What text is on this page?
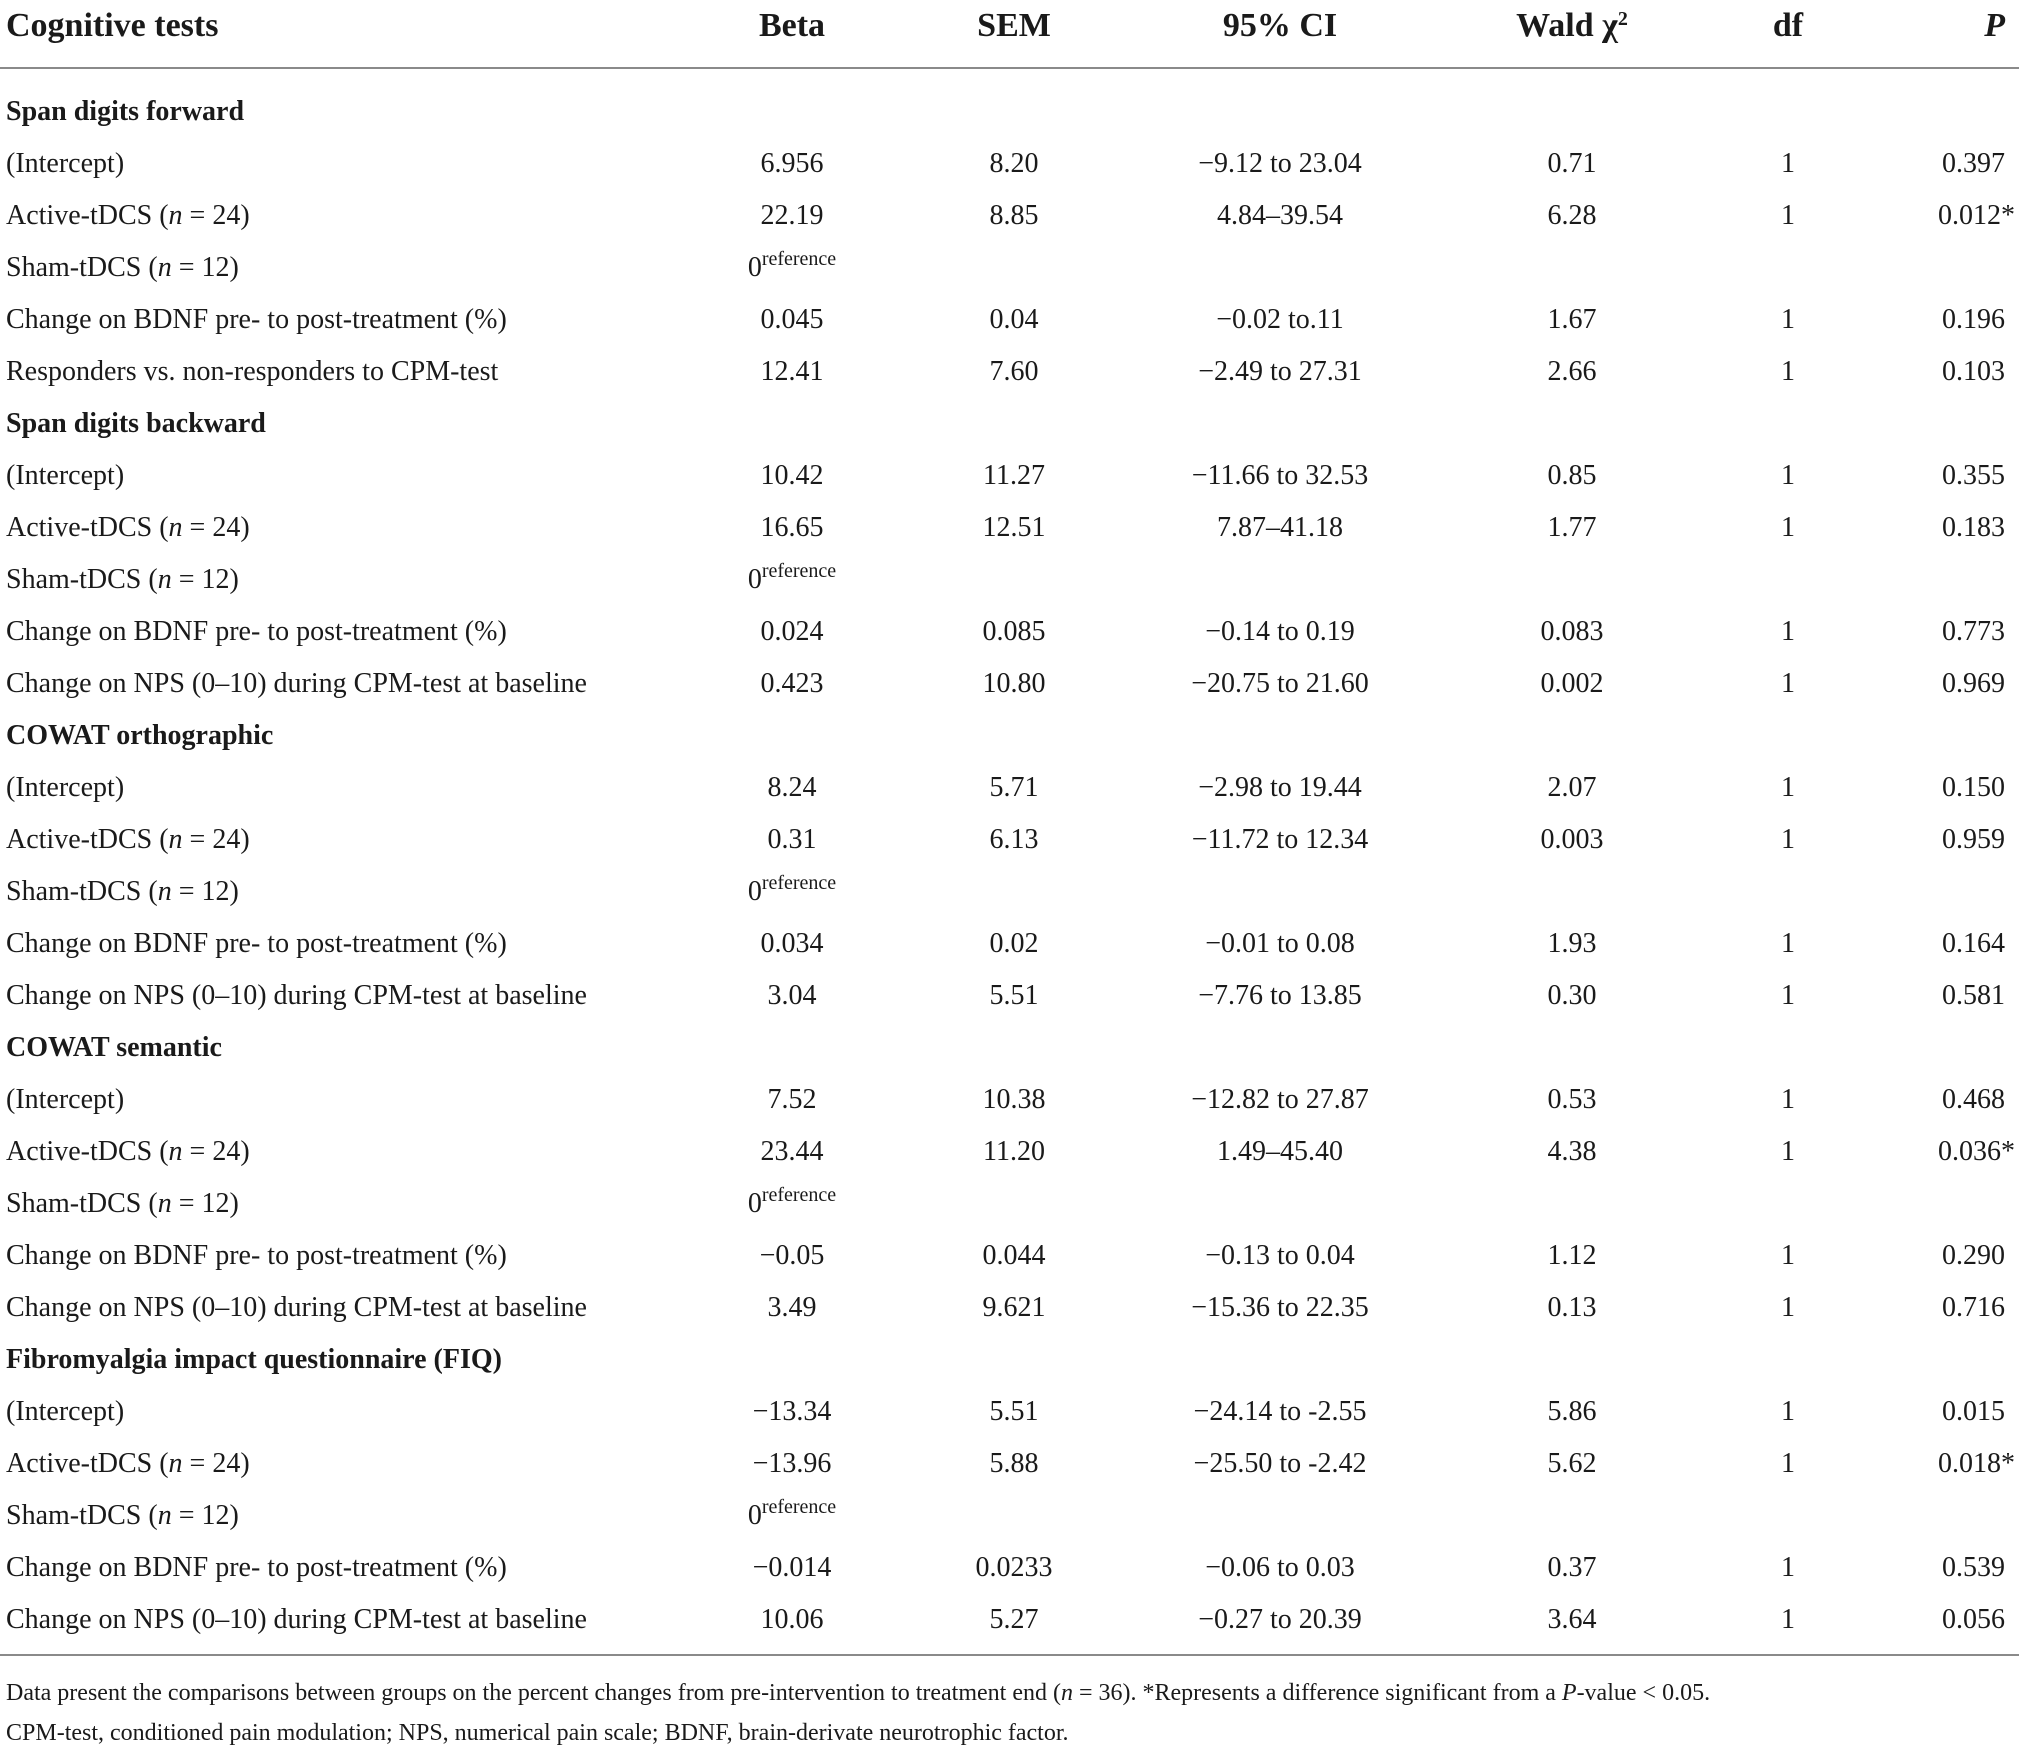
Cognitive tests	Beta	SEM	95% CI	Wald $\chi^2$	df	P
Span digits forward
(Intercept)	6.956	8.20	−9.12 to 23.04	0.71	1	0.397
Active-tDCS (n = 24)	22.19	8.85	4.84–39.54	6.28	1	0.012*
Sham-tDCS (n = 12)	$0^{reference}$
Change on BDNF pre- to post-treatment (%)	0.045	0.04	−0.02 to.11	1.67	1	0.196
Responders vs. non-responders to CPM-test	12.41	7.60	−2.49 to 27.31	2.66	1	0.103
Span digits backward
(Intercept)	10.42	11.27	−11.66 to 32.53	0.85	1	0.355
Active-tDCS (n = 24)	16.65	12.51	7.87–41.18	1.77	1	0.183
Sham-tDCS (n = 12)	$0^{reference}$
Change on BDNF pre- to post-treatment (%)	0.024	0.085	−0.14 to 0.19	0.083	1	0.773
Change on NPS (0–10) during CPM-test at baseline	0.423	10.80	−20.75 to 21.60	0.002	1	0.969
COWAT orthographic
(Intercept)	8.24	5.71	−2.98 to 19.44	2.07	1	0.150
Active-tDCS (n = 24)	0.31	6.13	−11.72 to 12.34	0.003	1	0.959
Sham-tDCS (n = 12)	$0^{reference}$
Change on BDNF pre- to post-treatment (%)	0.034	0.02	−0.01 to 0.08	1.93	1	0.164
Change on NPS (0–10) during CPM-test at baseline	3.04	5.51	−7.76 to 13.85	0.30	1	0.581
COWAT semantic
(Intercept)	7.52	10.38	−12.82 to 27.87	0.53	1	0.468
Active-tDCS (n = 24)	23.44	11.20	1.49–45.40	4.38	1	0.036*
Sham-tDCS (n = 12)	$0^{reference}$
Change on BDNF pre- to post-treatment (%)	−0.05	0.044	−0.13 to 0.04	1.12	1	0.290
Change on NPS (0–10) during CPM-test at baseline	3.49	9.621	−15.36 to 22.35	0.13	1	0.716
Fibromyalgia impact questionnaire (FIQ)
(Intercept)	−13.34	5.51	−24.14 to -2.55	5.86	1	0.015
Active-tDCS (n = 24)	−13.96	5.88	−25.50 to -2.42	5.62	1	0.018*
Sham-tDCS (n = 12)	$0^{reference}$
Change on BDNF pre- to post-treatment (%)	−0.014	0.0233	−0.06 to 0.03	0.37	1	0.539
Change on NPS (0–10) during CPM-test at baseline	10.06	5.27	−0.27 to 20.39	3.64	1	0.056
Data present the comparisons between groups on the percent changes from pre-intervention to treatment end (n = 36). *Represents a difference significant from a P-value < 0.05.
CPM-test, conditioned pain modulation; NPS, numerical pain scale; BDNF, brain-derivate neurotrophic factor.
